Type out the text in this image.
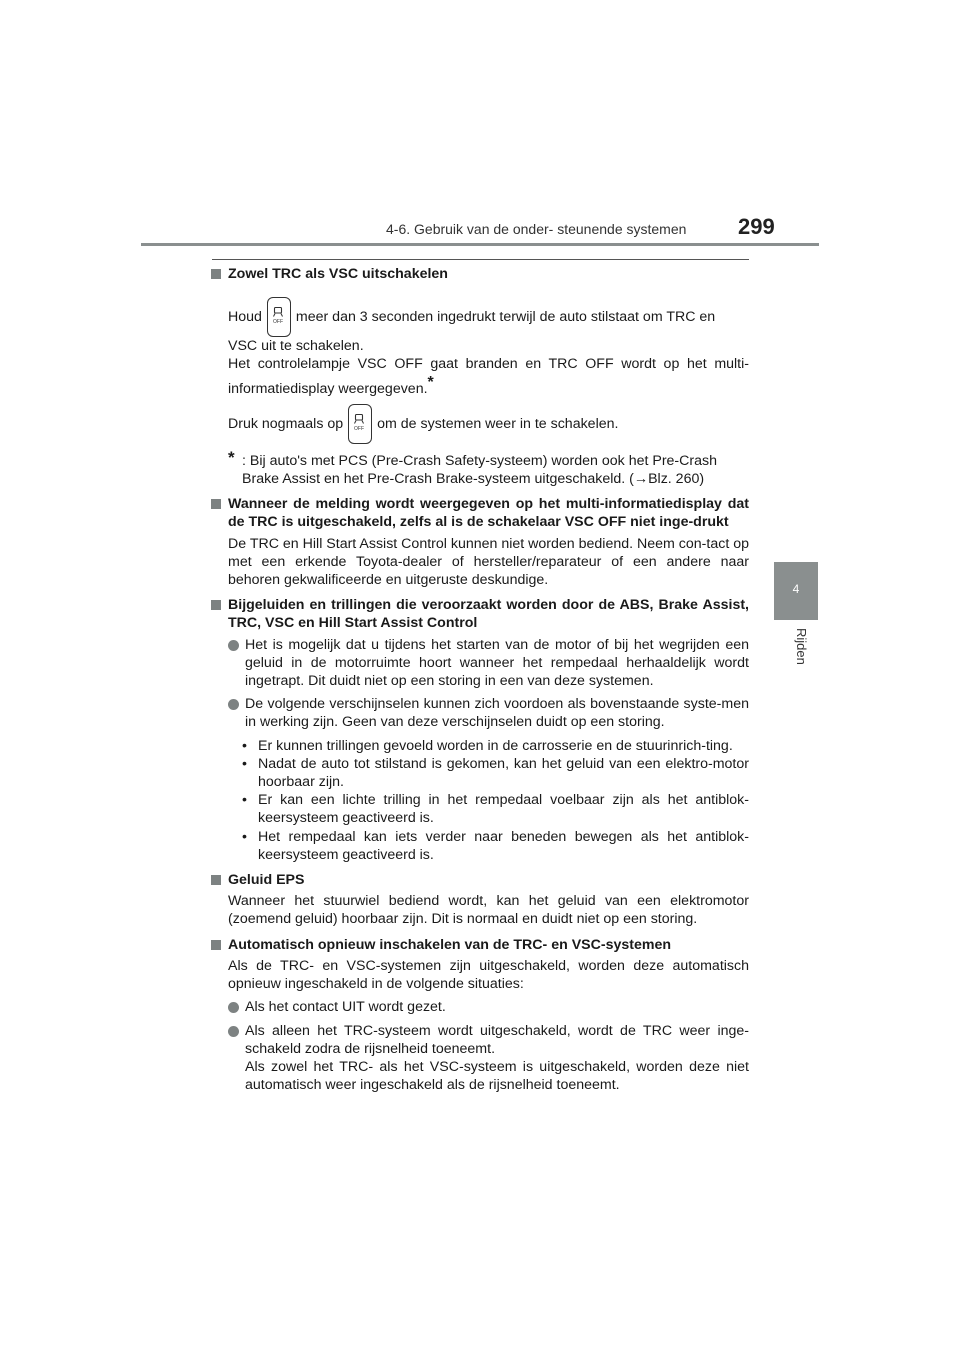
4-6. Gebruik van de onder- steunende systemen 299
4
Rijden
Zowel TRC als VSC uitschakelen
Houd OFF meer dan 3 seconden ingedrukt terwijl de auto stilstaat om TRC en
VSC uit te schakelen.
Het controlelampje VSC OFF gaat branden en TRC OFF wordt op het multi-informatiedisplay weergegeven.*
Druk nogmaals op OFF om de systemen weer in te schakelen.
* : Bij auto's met PCS (Pre-Crash Safety-systeem) worden ook het Pre-Crash Brake Assist en het Pre-Crash Brake-systeem uitgeschakeld. (→Blz. 260)
Wanneer de melding wordt weergegeven op het multi-informatiedisplay dat de TRC is uitgeschakeld, zelfs al is de schakelaar VSC OFF niet inge-drukt
De TRC en Hill Start Assist Control kunnen niet worden bediend. Neem con-tact op met een erkende Toyota-dealer of hersteller/reparateur of een andere naar behoren gekwalificeerde en uitgeruste deskundige.
Bijgeluiden en trillingen die veroorzaakt worden door de ABS, Brake Assist, TRC, VSC en Hill Start Assist Control
Het is mogelijk dat u tijdens het starten van de motor of bij het wegrijden een geluid in de motorruimte hoort wanneer het rempedaal herhaaldelijk wordt ingetrapt. Dit duidt niet op een storing in een van deze systemen.
De volgende verschijnselen kunnen zich voordoen als bovenstaande syste-men in werking zijn. Geen van deze verschijnselen duidt op een storing.
• Er kunnen trillingen gevoeld worden in de carrosserie en de stuurinrich-ting.
• Nadat de auto tot stilstand is gekomen, kan het geluid van een elektro-motor hoorbaar zijn.
• Er kan een lichte trilling in het rempedaal voelbaar zijn als het antiblok-keersysteem geactiveerd is.
• Het rempedaal kan iets verder naar beneden bewegen als het antiblok-keersysteem geactiveerd is.
Geluid EPS
Wanneer het stuurwiel bediend wordt, kan het geluid van een elektromotor (zoemend geluid) hoorbaar zijn. Dit is normaal en duidt niet op een storing.
Automatisch opnieuw inschakelen van de TRC- en VSC-systemen
Als de TRC- en VSC-systemen zijn uitgeschakeld, worden deze automatisch opnieuw ingeschakeld in de volgende situaties:
Als het contact UIT wordt gezet.
Als alleen het TRC-systeem wordt uitgeschakeld, wordt de TRC weer inge-schakeld zodra de rijsnelheid toeneemt.
Als zowel het TRC- als het VSC-systeem is uitgeschakeld, worden deze niet automatisch weer ingeschakeld als de rijsnelheid toeneemt.
